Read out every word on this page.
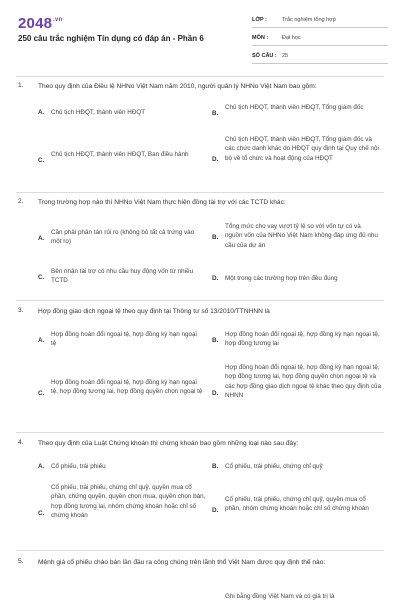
$2048^{.vn}$
250 câu trắc nghiệm Tín dụng có đáp án - Phần 6
LỚP :	Trắc nghiệm tổng hợp
MÔN :	Đại học
SỐ CÂU : 25
1.	Theo quy định của Điều lệ NHNo Việt Nam năm 2010, người quản lý NHNo Việt Nam bao gồm:
A.	Chủ tịch HĐQT, thành viên HĐQT	B.
Chủ tịch HĐQT, thành viên HĐQT, Tổng giám đốc
C.
Chủ tịch HĐQT, thành viên HĐQT, Ban điều hành
D.
Chủ tịch HĐQT, thành viên HĐQT, Tổng giám đốc và các chức danh khác do HĐQT quy định tại Quy chế nội bộ về tổ chức và hoạt động của HĐQT
2.	Trong trường hợp nào thì NHNo Việt Nam thực hiện đồng tài trợ với các TCTD khác:
A.
Cần phải phân tán rủi ro (không bỏ tất cả trứng vào một rọ)
B.
Tổng mức cho vay vượt tỷ lệ so với vốn tự có và nguồn vốn của NHNo Việt Nam không đáp ứng đủ nhu cầu của dự án
C.
Bên nhận tài trợ có nhu cầu huy động vốn từ nhiều TCTD	D.	Một trong các trường hợp trên đều đúng
3.	Hợp đồng giao dịch ngoại tệ theo quy định tại Thông tư số 13/2010/TTNHNN là
A.
Hợp đồng hoán đổi ngoại tệ, hợp đồng kỳ hạn ngoại tệ	B.
Hợp đồng hoán đổi ngoại tệ, hợp đồng kỳ hạn ngoại tệ, hợp đồng tương lai
C.
Hợp đồng hoán đổi ngoại tệ, hợp đồng kỳ hạn ngoại tệ, hợp đồng tương lai, hợp đồng quyền chọn ngoại tệ D.
Hợp đồng hoán đổi ngoại tệ, hợp đồng kỳ hạn ngoại tệ, hợp đồng tương lai, hợp đồng quyền chọn ngoại tệ và các hợp đồng giao dịch ngoại tệ khác theo quy định của NHNN
4.	Theo quy định của Luật Chứng khoán thì chứng khoán bao gồm những loại nào sau đây:
A.	Cổ phiếu, trái phiếu	B.	Cổ phiếu, trái phiếu, chứng chỉ quỹ
C.
Cổ phiếu, trái phiếu, chứng chỉ quỹ, quyền mua cổ phần, chứng quyền, quyền chọn mua, quyền chọn bán, hợp đồng tương lai, nhóm chứng khoán hoặc chỉ số chứng khoán
D.
Cổ phiếu, trái phiếu, chứng chỉ quỹ, quyền mua cổ phần, nhóm chứng khoán hoặc chỉ số chứng khoán
5.	Mệnh giá cổ phiếu chào bán lần đầu ra công chúng trên lãnh thổ Việt Nam được quy định thế nào:
Ghi bằng đồng Việt Nam và có giá trị là
